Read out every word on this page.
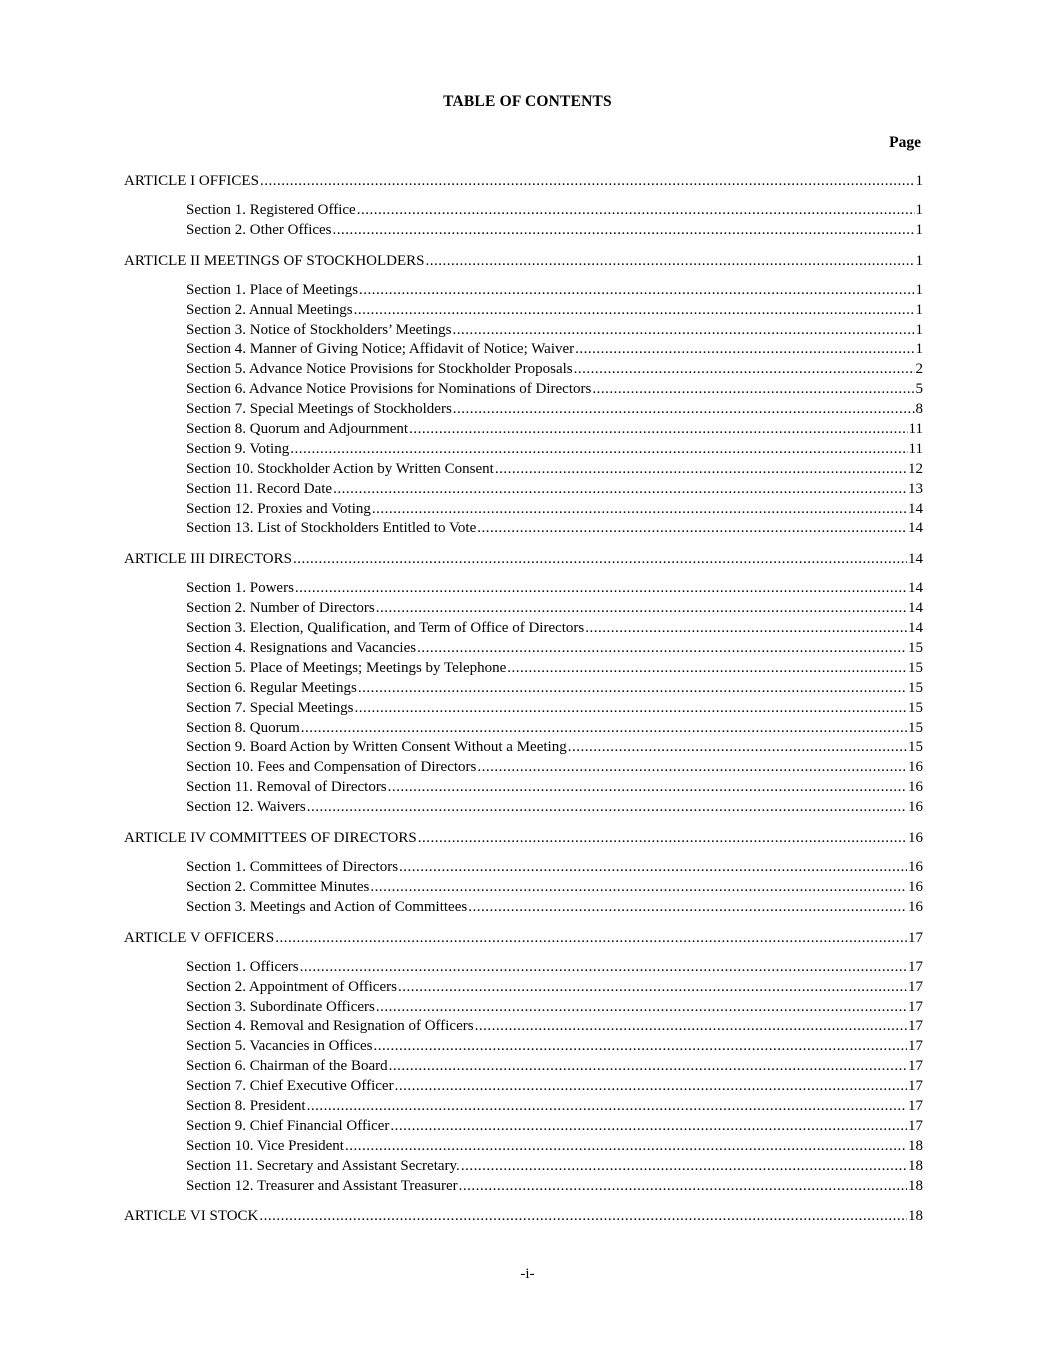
TABLE OF CONTENTS
Page
ARTICLE I OFFICES .....	1
Section 1. Registered Office .....	1
Section 2. Other Offices .....	1
ARTICLE II MEETINGS OF STOCKHOLDERS .....	1
Section 1. Place of Meetings .....	1
Section 2. Annual Meetings .....	1
Section 3. Notice of Stockholders’ Meetings .....	1
Section 4. Manner of Giving Notice; Affidavit of Notice; Waiver .....	1
Section 5. Advance Notice Provisions for Stockholder Proposals .....	2
Section 6. Advance Notice Provisions for Nominations of Directors .....	5
Section 7. Special Meetings of Stockholders .....	8
Section 8. Quorum and Adjournment .....	11
Section 9. Voting .....	11
Section 10. Stockholder Action by Written Consent .....	12
Section 11. Record Date .....	13
Section 12. Proxies and Voting .....	14
Section 13. List of Stockholders Entitled to Vote .....	14
ARTICLE III DIRECTORS .....	14
Section 1. Powers .....	14
Section 2. Number of Directors .....	14
Section 3. Election, Qualification, and Term of Office of Directors .....	14
Section 4. Resignations and Vacancies .....	15
Section 5. Place of Meetings; Meetings by Telephone .....	15
Section 6. Regular Meetings .....	15
Section 7. Special Meetings .....	15
Section 8. Quorum .....	15
Section 9. Board Action by Written Consent Without a Meeting .....	15
Section 10. Fees and Compensation of Directors .....	16
Section 11. Removal of Directors .....	16
Section 12. Waivers .....	16
ARTICLE IV COMMITTEES OF DIRECTORS .....	16
Section 1. Committees of Directors .....	16
Section 2. Committee Minutes .....	16
Section 3. Meetings and Action of Committees .....	16
ARTICLE V OFFICERS .....	17
Section 1. Officers .....	17
Section 2. Appointment of Officers .....	17
Section 3. Subordinate Officers .....	17
Section 4. Removal and Resignation of Officers .....	17
Section 5. Vacancies in Offices .....	17
Section 6. Chairman of the Board .....	17
Section 7. Chief Executive Officer .....	17
Section 8. President .....	17
Section 9. Chief Financial Officer .....	17
Section 10. Vice President .....	18
Section 11. Secretary and Assistant Secretary. .....	18
Section 12. Treasurer and Assistant Treasurer .....	18
ARTICLE VI STOCK .....	18
-i-
